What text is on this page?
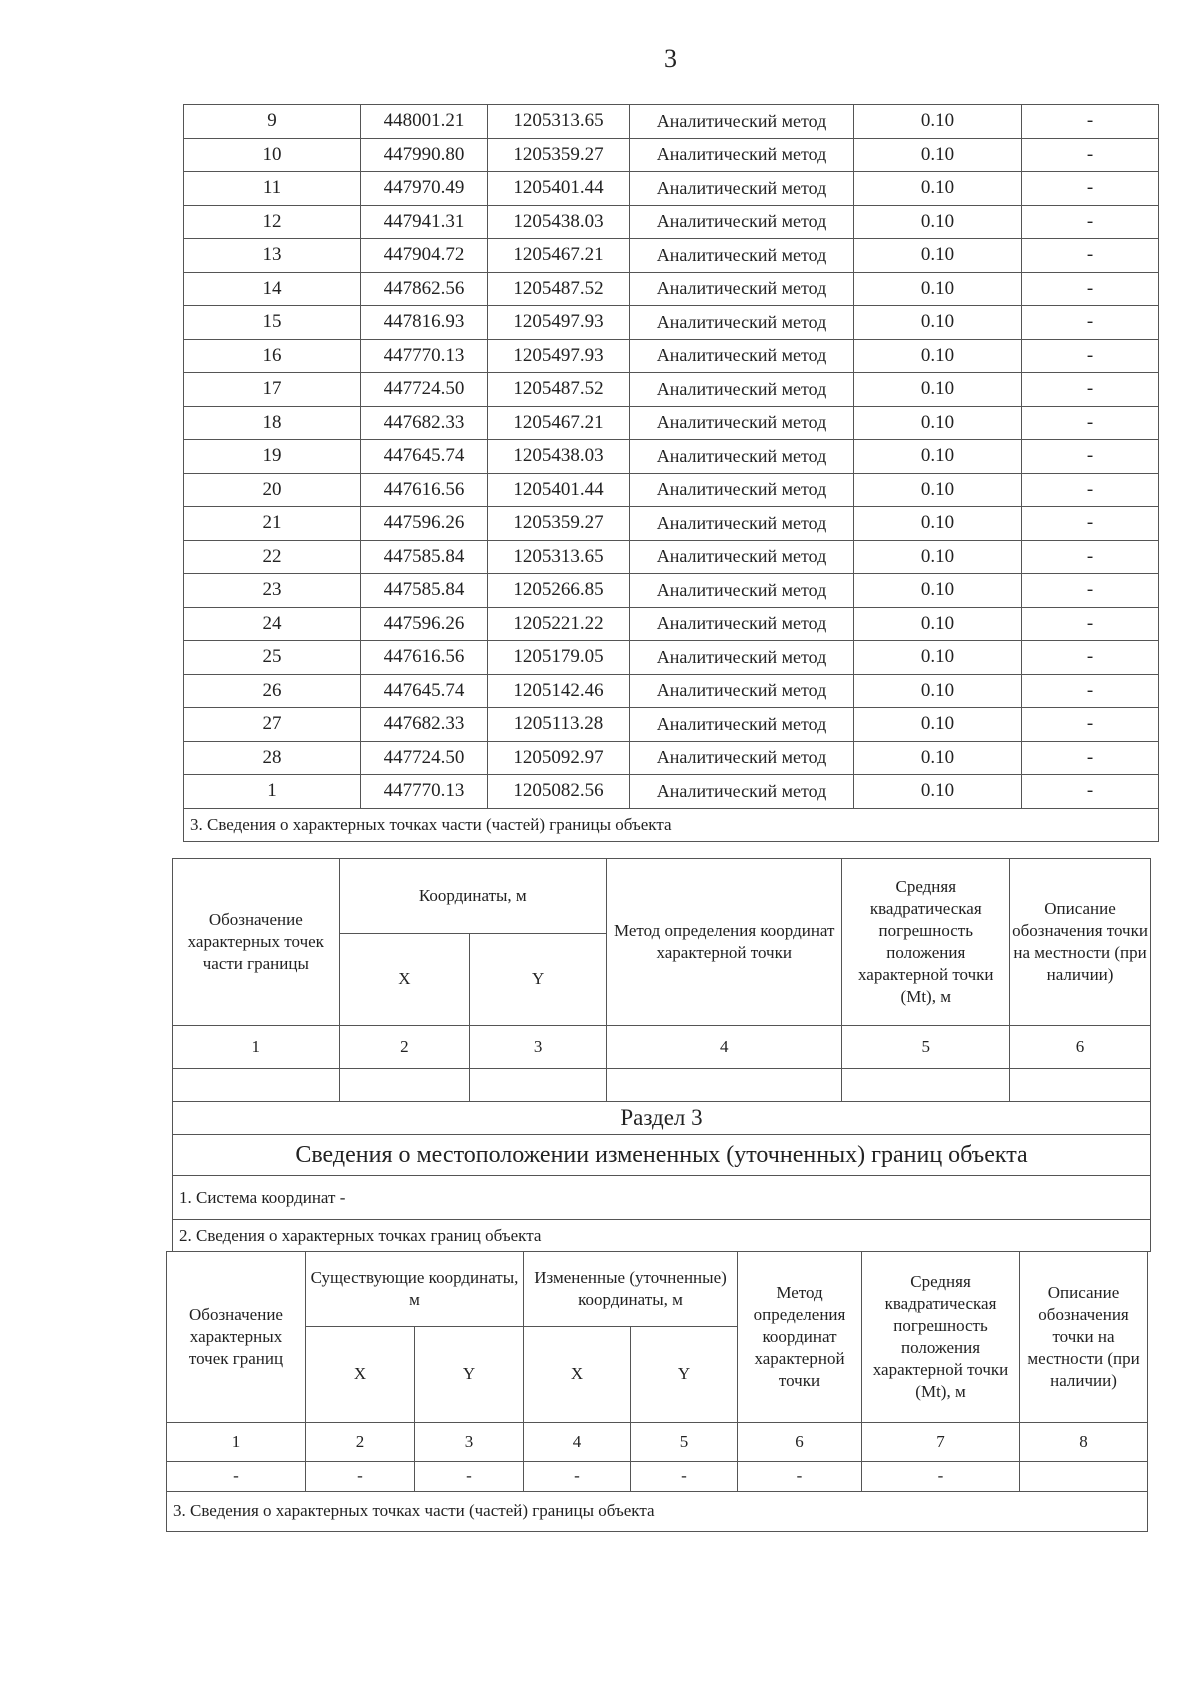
3
9	448001.21	1205313.65	Аналитический метод	0.10	-
10	447990.80	1205359.27	Аналитический метод	0.10	-
11	447970.49	1205401.44	Аналитический метод	0.10	-
12	447941.31	1205438.03	Аналитический метод	0.10	-
13	447904.72	1205467.21	Аналитический метод	0.10	-
14	447862.56	1205487.52	Аналитический метод	0.10	-
15	447816.93	1205497.93	Аналитический метод	0.10	-
16	447770.13	1205497.93	Аналитический метод	0.10	-
17	447724.50	1205487.52	Аналитический метод	0.10	-
18	447682.33	1205467.21	Аналитический метод	0.10	-
19	447645.74	1205438.03	Аналитический метод	0.10	-
20	447616.56	1205401.44	Аналитический метод	0.10	-
21	447596.26	1205359.27	Аналитический метод	0.10	-
22	447585.84	1205313.65	Аналитический метод	0.10	-
23	447585.84	1205266.85	Аналитический метод	0.10	-
24	447596.26	1205221.22	Аналитический метод	0.10	-
25	447616.56	1205179.05	Аналитический метод	0.10	-
26	447645.74	1205142.46	Аналитический метод	0.10	-
27	447682.33	1205113.28	Аналитический метод	0.10	-
28	447724.50	1205092.97	Аналитический метод	0.10	-
1	447770.13	1205082.56	Аналитический метод	0.10	-
3. Сведения о характерных точках части (частей) границы объекта					
Обозначение характерных точек части границы	Координаты, м		Метод определения координат характерной точки	Средняя квадратическая погрешность положения характерной точки (Mt), м	Описание обозначения точки на местности (при наличии)
	X	Y			
1	2	3	4	5	6

Раздел 3
Сведения о местоположении измененных (уточненных) границ объекта
1. Система координат -
2. Сведения о характерных точках границ объекта
Обозначение характерных точек границ	Существующие координаты, м		Измененные (уточненные) координаты, м		Метод определения координат характерной точки	Средняя квадратическая погрешность положения характерной точки (Mt), м	Описание обозначения точки на местности (при наличии)
	X	Y	X	Y			
1	2	3	4	5	6	7	8
-	-	-	-	-	-	-	
3. Сведения о характерных точках части (частей) границы объекта							
